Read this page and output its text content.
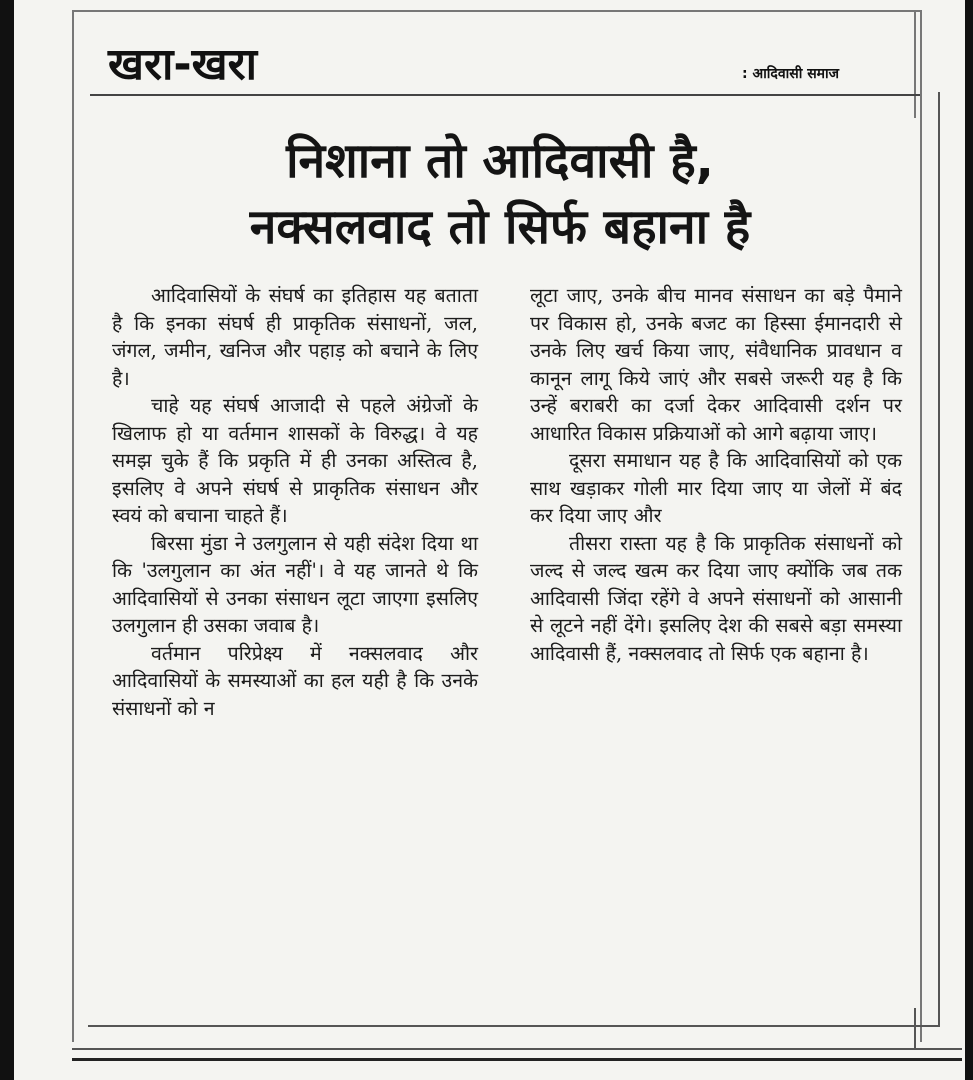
खरा-खरा	: आदिवासी समाज
निशाना तो आदिवासी है,
नक्सलवाद तो सिर्फ बहाना है

आदिवासियों के संघर्ष का इतिहास यह बताता है कि इनका संघर्ष ही प्राकृतिक संसाधनों, जल, जंगल, जमीन, खनिज और पहाड़ को बचाने के लिए है।

चाहे यह संघर्ष आजादी से पहले अंग्रेजों के खिलाफ हो या वर्तमान शासकों के विरुद्ध। वे यह समझ चुके हैं कि प्रकृति में ही उनका अस्तित्व है, इसलिए वे अपने संघर्ष से प्राकृतिक संसाधन और स्वयं को बचाना चाहते हैं।

बिरसा मुंडा ने उलगुलान से यही संदेश दिया था कि 'उलगुलान का अंत नहीं'। वे यह जानते थे कि आदिवासियों से उनका संसाधन लूटा जाएगा इसलिए उलगुलान ही उसका जवाब है।

वर्तमान परिप्रेक्ष्य में नक्सलवाद और आदिवासियों के समस्याओं का हल यही है कि उनके संसाधनों को न

लूटा जाए, उनके बीच मानव संसाधन का बड़े पैमाने पर विकास हो, उनके बजट का हिस्सा ईमानदारी से उनके लिए खर्च किया जाए, संवैधानिक प्रावधान व कानून लागू किये जाएं और सबसे जरूरी यह है कि उन्हें बराबरी का दर्जा देकर आदिवासी दर्शन पर आधारित विकास प्रक्रियाओं को आगे बढ़ाया जाए।

दूसरा समाधान यह है कि आदिवासियों को एक साथ खड़ाकर गोली मार दिया जाए या जेलों में बंद कर दिया जाए और

तीसरा रास्ता यह है कि प्राकृतिक संसाधनों को जल्द से जल्द खत्म कर दिया जाए क्योंकि जब तक आदिवासी जिंदा रहेंगे वे अपने संसाधनों को आसानी से लूटने नहीं देंगे। इसलिए देश की सबसे बड़ा समस्या आदिवासी हैं, नक्सलवाद तो सिर्फ एक बहाना है।
